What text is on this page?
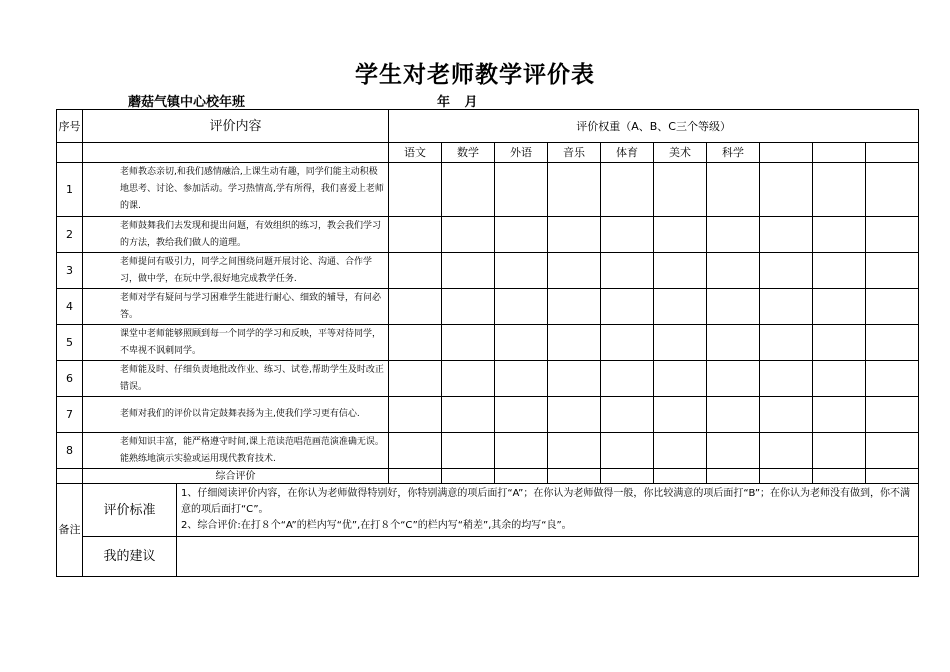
学生对老师教学评价表
蘑菇气镇中心校年班	年 月
序号	评价内容		评价权重（A、B、C三个等级）									
			语文	数学	外语	音乐	体育	美术	科学			
1	老师教态亲切,和我们感情融洽,上课生动有趣，同学们能主动积极地思考、讨论、参加活动。学习热情高,学有所得，我们喜爱上老师的课.											
2	老师鼓舞我们去发现和提出问题，有效组织的练习，教会我们学习的方法，教给我们做人的道理。											
3	老师提问有吸引力，同学之间围绕问题开展讨论、沟通、合作学习，做中学，在玩中学,很好地完成教学任务.											
4	老师对学有疑问与学习困难学生能进行耐心、细致的辅导，有问必答。											
5	课堂中老师能够照顾到每一个同学的学习和反映，平等对待同学，不卑视不讽刺同学。											
6	老师能及时、仔细负责地批改作业、练习、试卷,帮助学生及时改正错误。											
7	老师对我们的评价以肯定鼓舞表扬为主,使我们学习更有信心.											
8	老师知识丰富，能严格遵守时间,课上范读范唱范画范演准确无误。能熟练地演示实验或运用现代教育技术.											
	综合评价											
备注	评价标准	1、仔细阅读评价内容，在你认为老师做得特别好，你特别满意的项后面打“A”；在你认为老师做得一般，你比较满意的项后面打“B”；在你认为老师没有做到，你不满意的项后面打“C”。
2、综合评价:在打８个“A”的栏内写“优”,在打８个“C”的栏内写“稍差”,其余的均写“良”。										

	我的建议											
